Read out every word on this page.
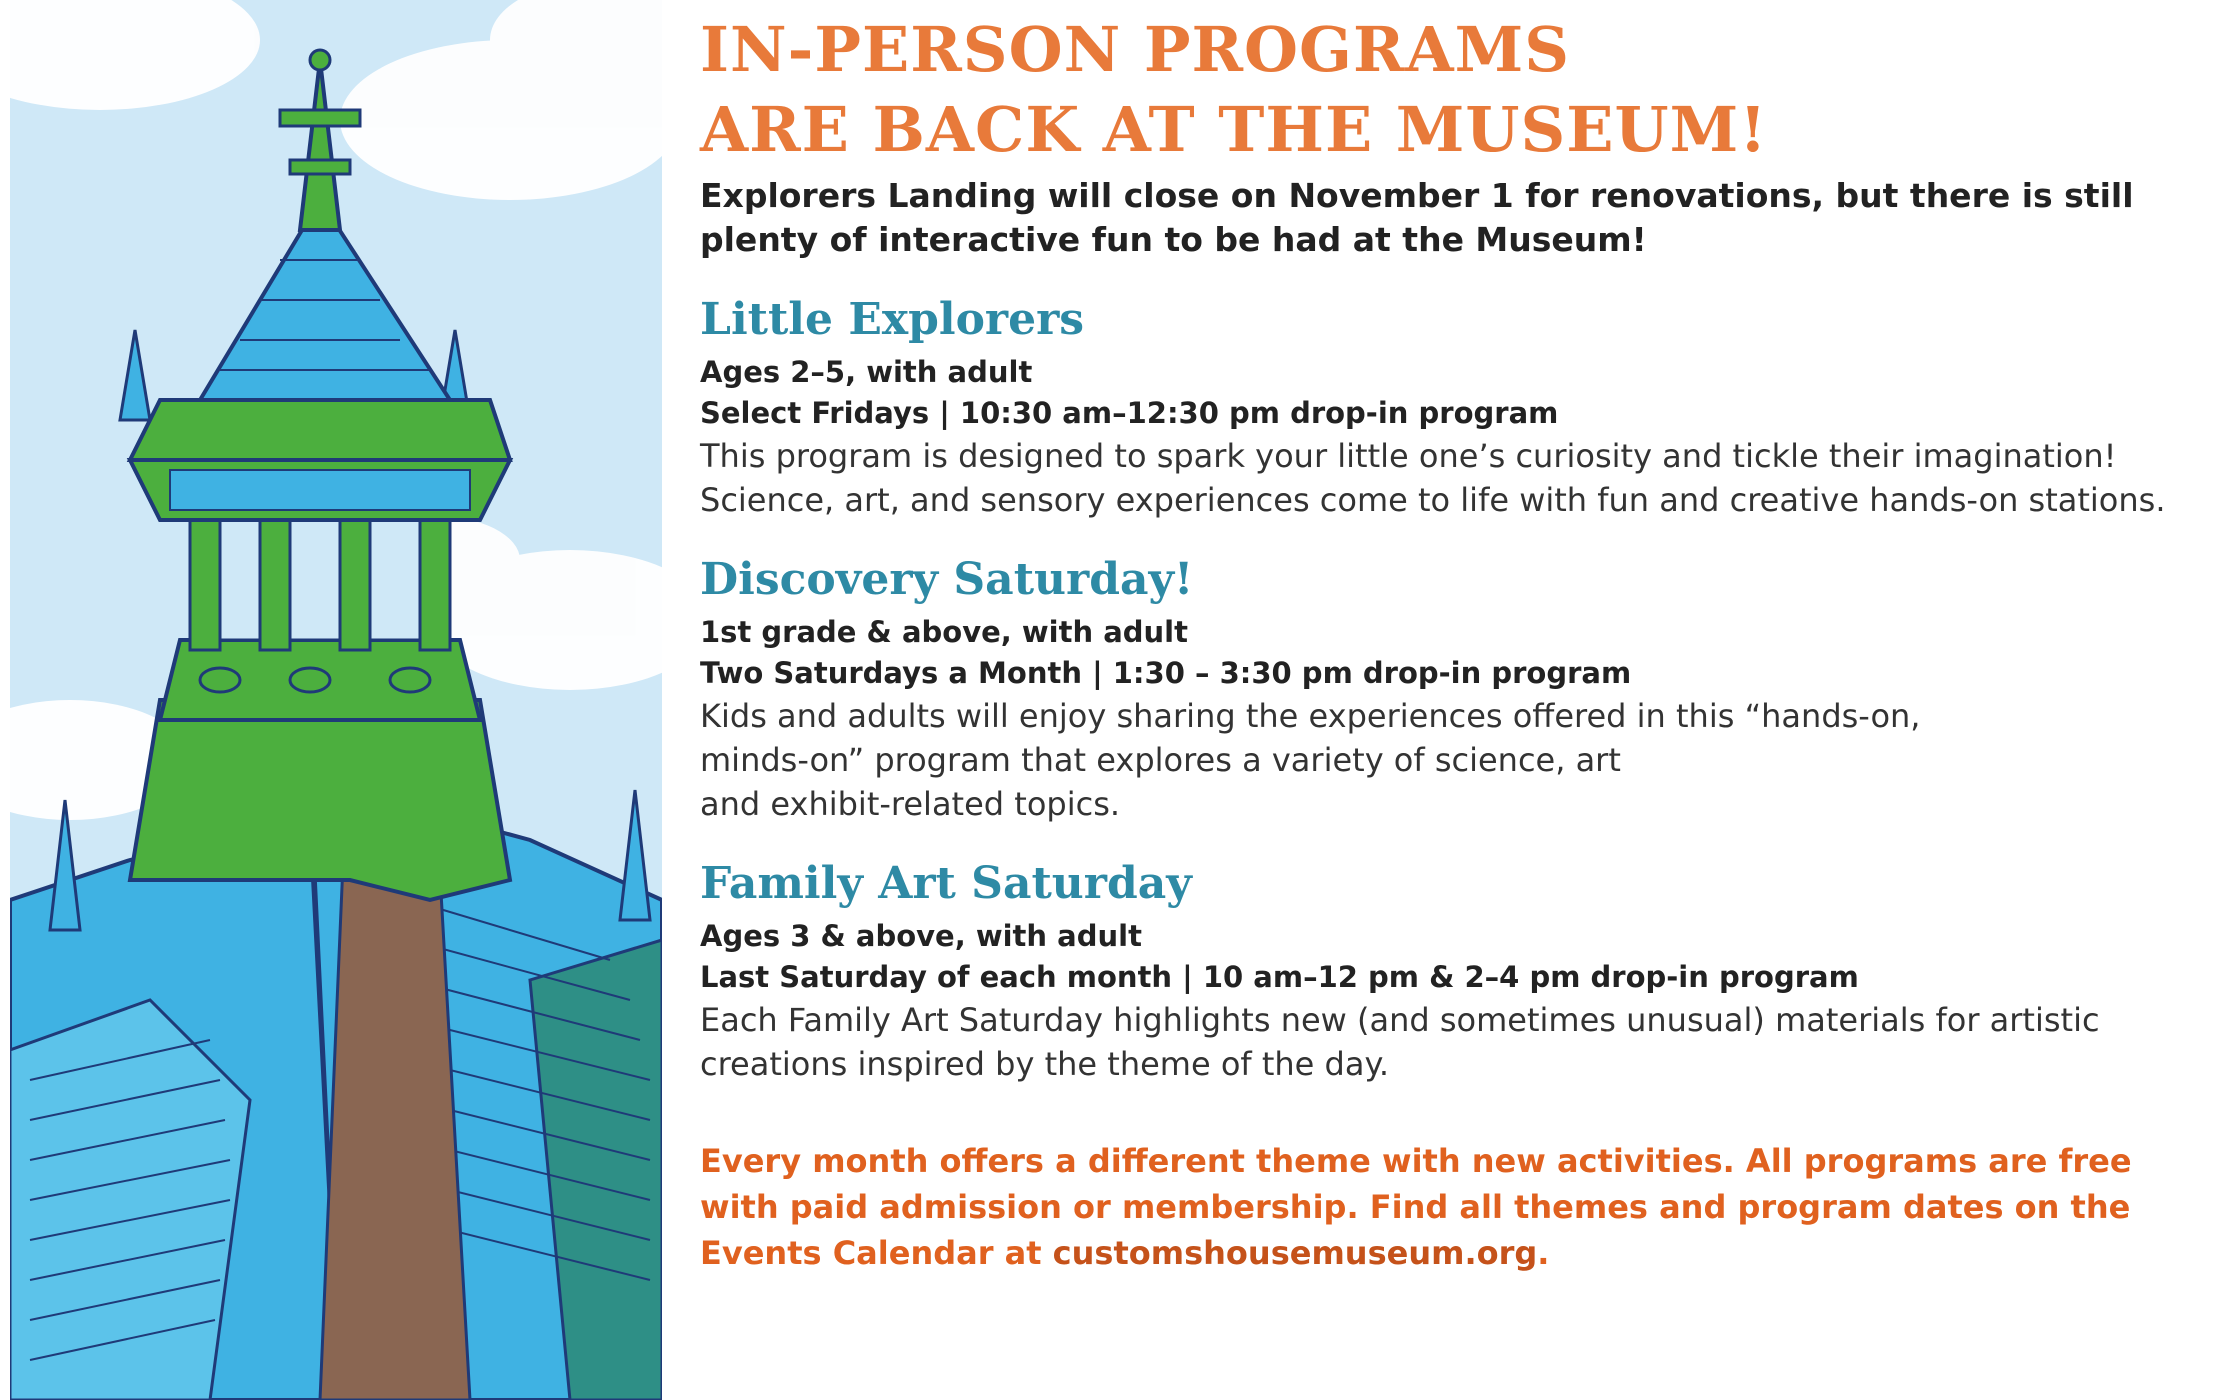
IN-PERSON PROGRAMS
ARE BACK AT THE MUSEUM!

Explorers Landing will close on November 1 for renovations, but there is still plenty of interactive fun to be had at the Museum!

Little Explorers

Ages 2–5, with adult

Select Fridays | 10:30 am–12:30 pm drop-in program

This program is designed to spark your little one’s curiosity and tickle their imagination! Science, art, and sensory experiences come to life with fun and creative hands-on stations.

Discovery Saturday!

1st grade & above, with adult

Two Saturdays a Month | 1:30 – 3:30 pm drop-in program

Kids and adults will enjoy sharing the experiences offered in this “hands-on,

minds-on” program that explores a variety of science, art

and exhibit-related topics.

Family Art Saturday

Ages 3 & above, with adult

Last Saturday of each month | 10 am–12 pm & 2–4 pm drop-in program

Each Family Art Saturday highlights new (and sometimes unusual) materials for artistic creations inspired by the theme of the day.

Every month offers a different theme with new activities. All programs are free with paid admission or membership. Find all themes and program dates on the Events Calendar at customshousemuseum.org.
